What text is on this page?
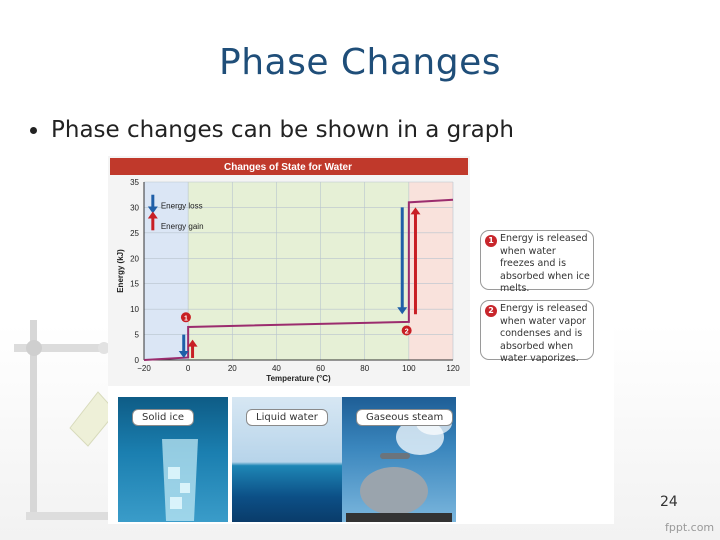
Phase Changes
Phase changes can be shown in a graph
Changes of State for Water
−20	0	20	40	60	80	100	120
0
5
10
15
20
25
30
35
Temperature (°C)
Energy (kJ)
Energy loss
Energy gain
1
2
1 Energy is released when water freezes and is absorbed when ice melts.
2 Energy is released when water vapor condenses and is absorbed when water vaporizes.
Solid ice	Liquid water	Gaseous steam
24
fppt.com
